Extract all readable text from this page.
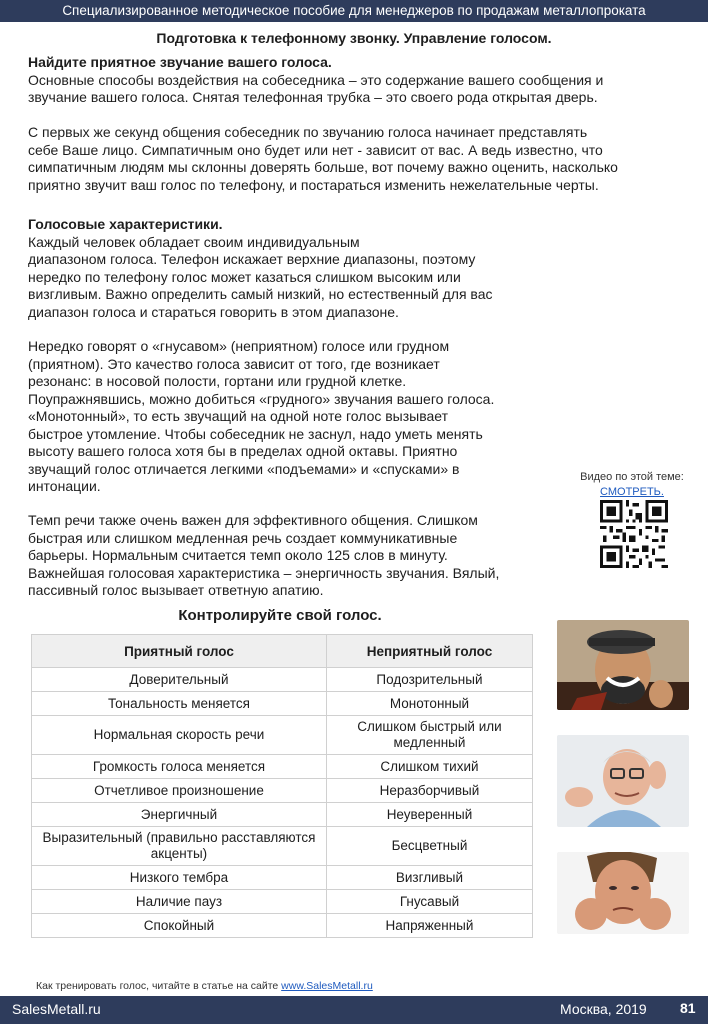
Специализированное методическое пособие для менеджеров по продажам металлопроката
Подготовка к телефонному звонку. Управление голосом.
Найдите приятное звучание вашего голоса.
Основные способы воздействия на собеседника – это содержание вашего сообщения и
звучание вашего голоса. Снятая телефонная трубка – это своего рода открытая дверь.
С первых же секунд общения собеседник по звучанию голоса начинает представлять
себе Ваше лицо. Симпатичным оно будет или нет - зависит от вас. А ведь известно, что
симпатичным людям мы склонны доверять больше, вот почему важно оценить, насколько
приятно звучит ваш голос по телефону, и постараться изменить нежелательные черты.
Голосовые характеристики.
Каждый человек обладает своим индивидуальным
диапазоном голоса. Телефон искажает верхние диапазоны, поэтому
нередко по телефону голос может казаться слишком высоким или
визгливым. Важно определить самый низкий, но естественный для вас
диапазон голоса и стараться говорить в этом диапазоне.
Нередко говорят о «гнусавом» (неприятном) голосе или грудном
(приятном). Это качество голоса зависит от того, где возникает
резонанс: в носовой полости, гортани или грудной клетке.
Поупражнявшись, можно добиться «грудного» звучания вашего голоса.
«Монотонный», то есть звучащий на одной ноте голос вызывает
быстрое утомление. Чтобы собеседник не заснул, надо уметь менять
высоту вашего голоса хотя бы в пределах одной октавы. Приятно
звучащий голос отличается легкими «подъемами» и «спусками» в
интонации.
Темп речи также очень важен для эффективного общения. Слишком
быстрая или слишком медленная речь создает коммуникативные
барьеры. Нормальным считается темп около 125 слов в минуту.
Важнейшая голосовая характеристика – энергичность звучания. Вялый,
пассивный голос вызывает ответную апатию.
Видео по этой теме:
СМОТРЕТЬ.
Контролируйте свой голос.
Приятный голос	Неприятный голос
Доверительный	Подозрительный
Тональность меняется	Монотонный
Нормальная скорость речи	Слишком быстрый или медленный
Громкость голоса меняется	Слишком тихий
Отчетливое произношение	Неразборчивый
Энергичный	Неуверенный
Выразительный (правильно расставляются акценты)	Бесцветный
Низкого тембра	Визгливый
Наличие пауз	Гнусавый
Спокойный	Напряженный
Как тренировать голос, читайте в статье на сайте www.SalesMetall.ru
SalesMetall.ru	Москва, 2019 81
